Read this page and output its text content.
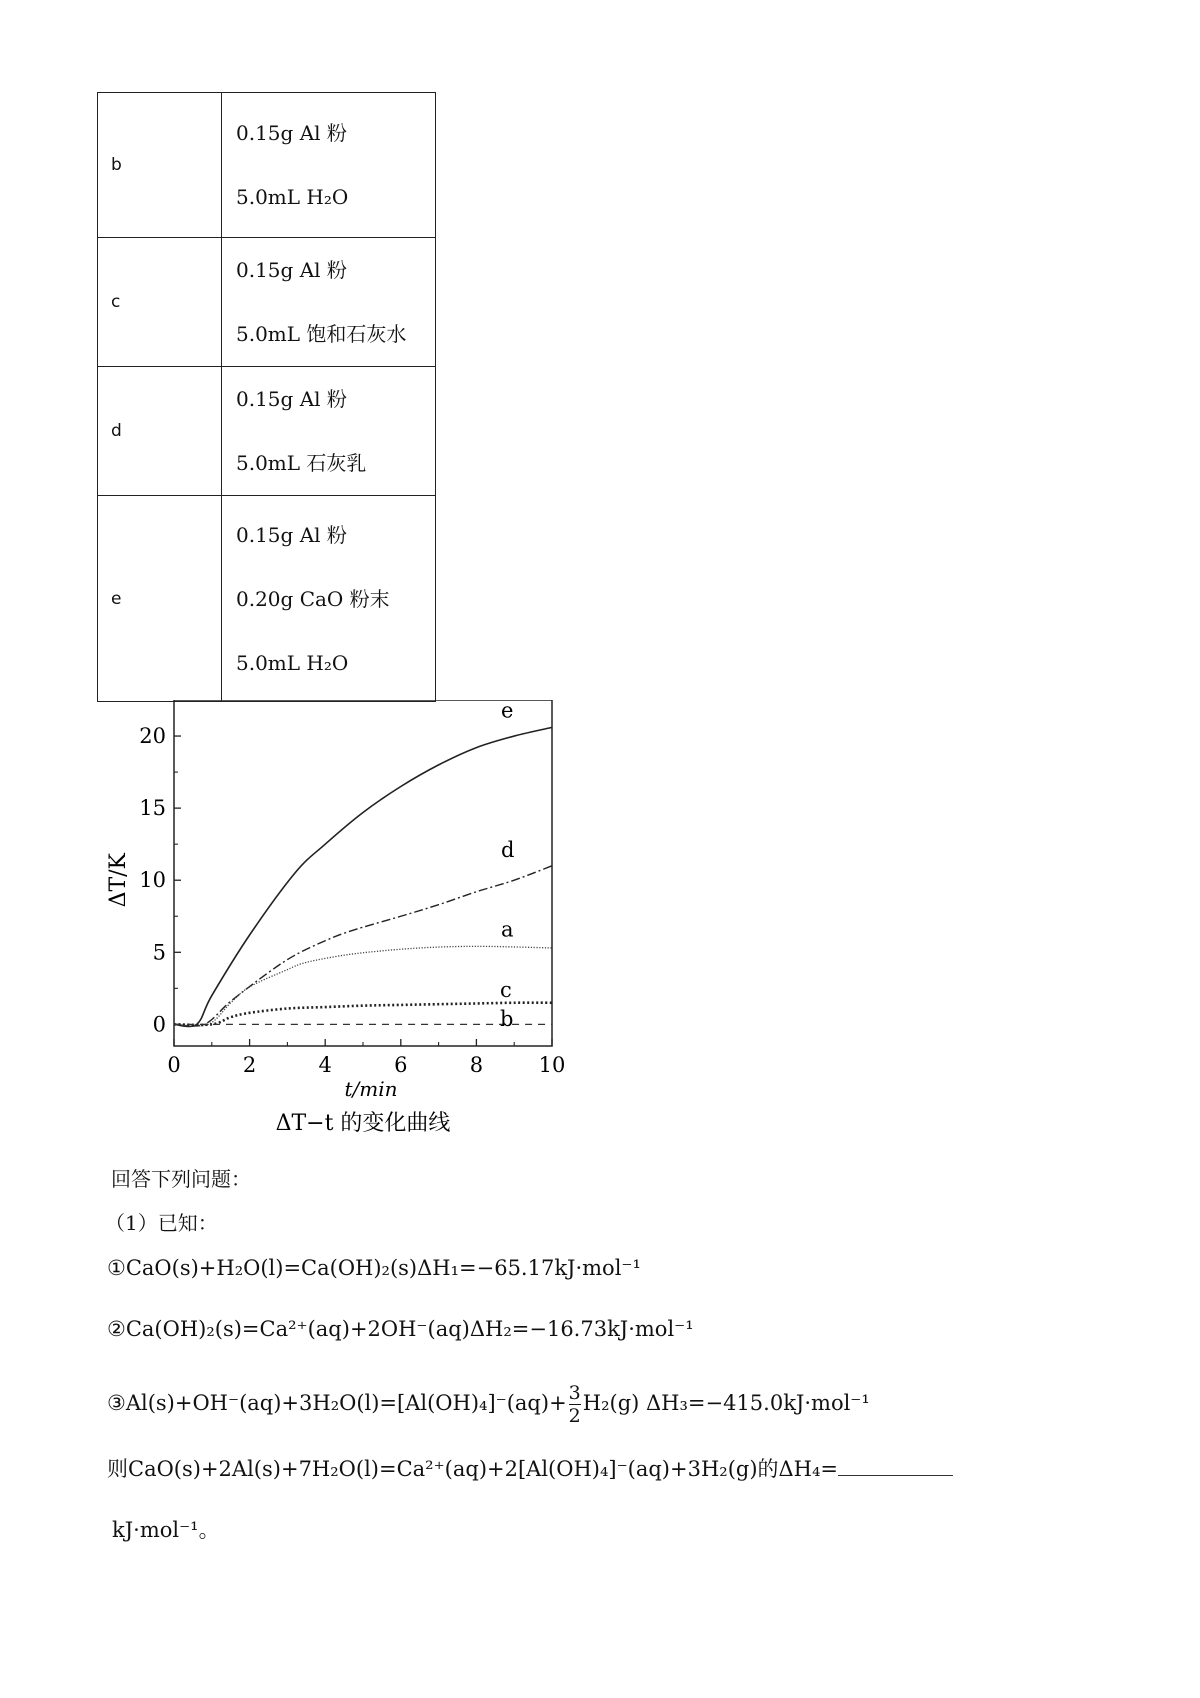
b	0.15g Al 粉
5.0mL H₂O

c	0.15g Al 粉
5.0mL 饱和石灰水

d	0.15g Al 粉
5.0mL 石灰乳

e	0.15g Al 粉
0.20g CaO 粉末
5.0mL H₂O
0	2	4	6	8	10
0
5
10
15
20
e
d
a
c
b
ΔT/K
t/min
ΔT−t 的变化曲线
回答下列问题：
（1）已知：
①CaO(s)+H₂O(l)=Ca(OH)₂(s)ΔH₁=−65.17kJ·mol⁻¹
②Ca(OH)₂(s)=Ca²⁺(aq)+2OH⁻(aq)ΔH₂=−16.73kJ·mol⁻¹
③Al(s)+OH⁻(aq)+3H₂O(l)=[Al(OH)₄]⁻(aq)+ $\frac{3}{2} H_2(g)$ ΔH₃=−415.0kJ·mol⁻¹
则CaO(s)+2Al(s)+7H₂O(l)=Ca²⁺(aq)+2[Al(OH)₄]⁻(aq)+3H₂(g)的ΔH₄=
kJ·mol⁻¹。
